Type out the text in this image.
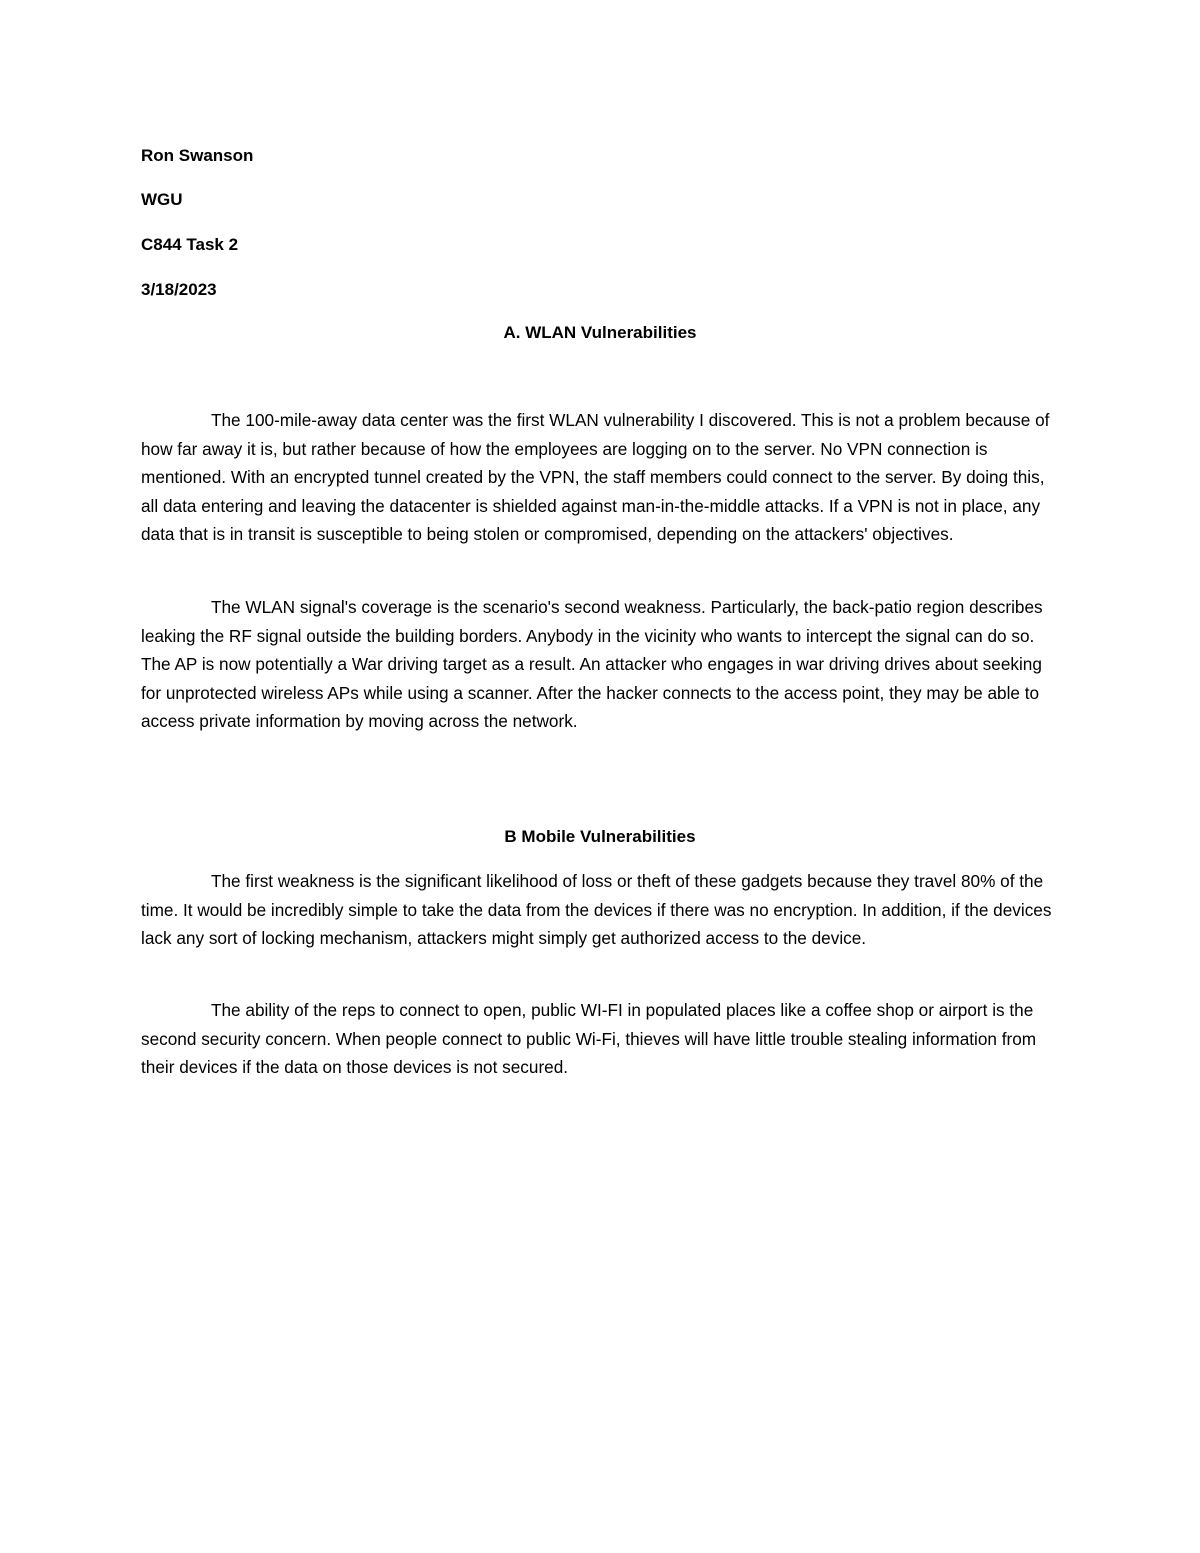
Ron Swanson
WGU
C844 Task 2
3/18/2023
A. WLAN Vulnerabilities

The 100-mile-away data center was the first WLAN vulnerability I discovered. This is not a problem because of how far away it is, but rather because of how the employees are logging on to the server. No VPN connection is mentioned. With an encrypted tunnel created by the VPN, the staff members could connect to the server. By doing this, all data entering and leaving the datacenter is shielded against man-in-the-middle attacks. If a VPN is not in place, any data that is in transit is susceptible to being stolen or compromised, depending on the attackers' objectives.

The WLAN signal's coverage is the scenario's second weakness. Particularly, the back-patio region describes leaking the RF signal outside the building borders. Anybody in the vicinity who wants to intercept the signal can do so. The AP is now potentially a War driving target as a result. An attacker who engages in war driving drives about seeking for unprotected wireless APs while using a scanner. After the hacker connects to the access point, they may be able to access private information by moving across the network.

B Mobile Vulnerabilities

The first weakness is the significant likelihood of loss or theft of these gadgets because they travel 80% of the time. It would be incredibly simple to take the data from the devices if there was no encryption. In addition, if the devices lack any sort of locking mechanism, attackers might simply get authorized access to the device.

The ability of the reps to connect to open, public WI-FI in populated places like a coffee shop or airport is the second security concern. When people connect to public Wi-Fi, thieves will have little trouble stealing information from their devices if the data on those devices is not secured.
